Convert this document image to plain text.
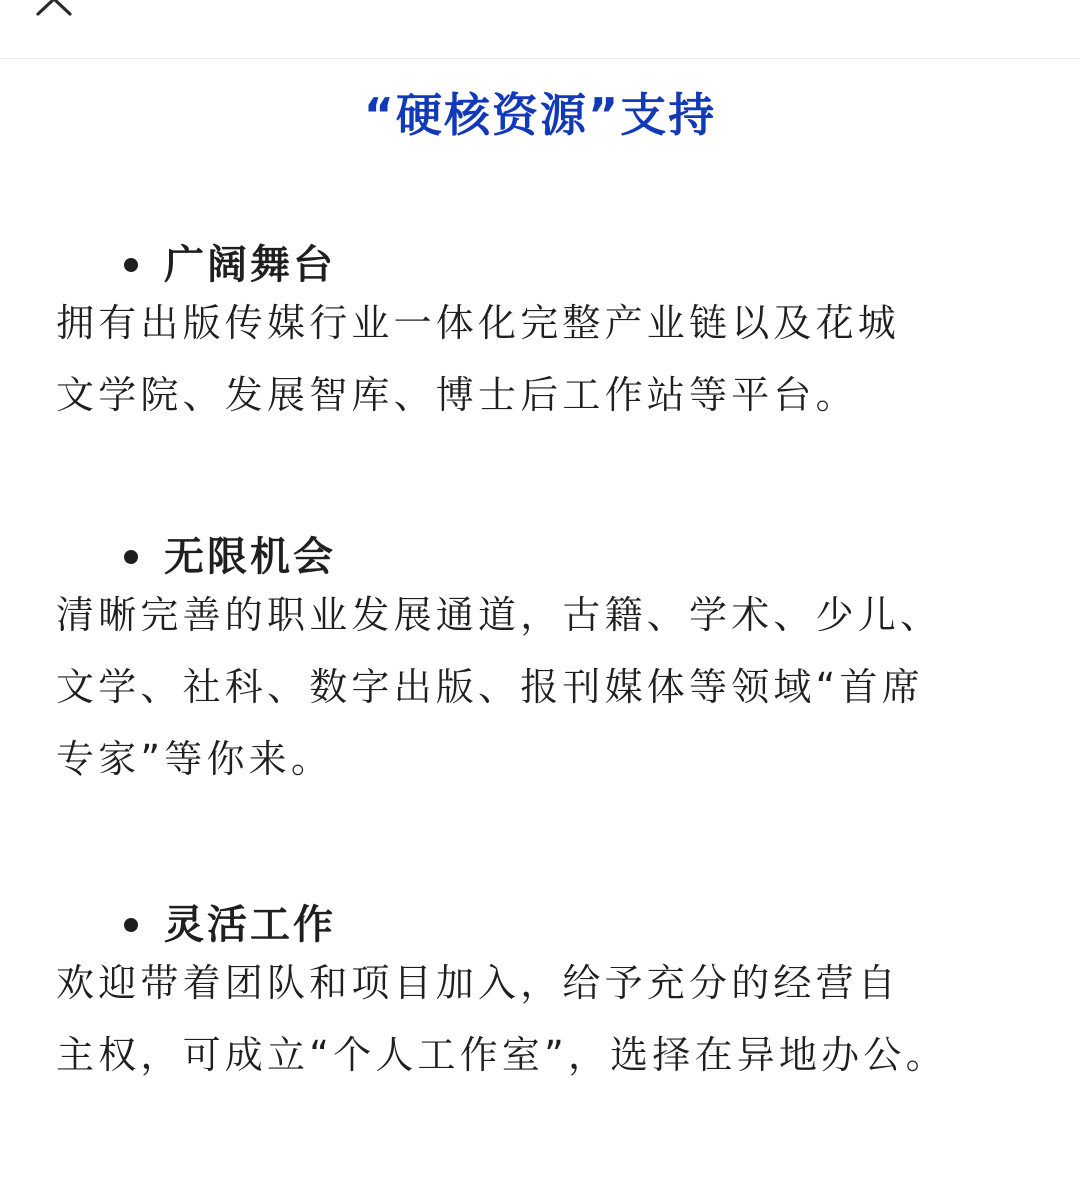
“硬核资源”支持
广阔舞台

拥有出版传媒行业一体化完整产业链以及花城
文学院、发展智库、博士后工作站等平台。

无限机会

清晰完善的职业发展通道，古籍、学术、少儿、
文学、社科、数字出版、报刊媒体等领域“首席
专家”等你来。

灵活工作

欢迎带着团队和项目加入，给予充分的经营自
主权，可成立“个人工作室”，选择在异地办公。
